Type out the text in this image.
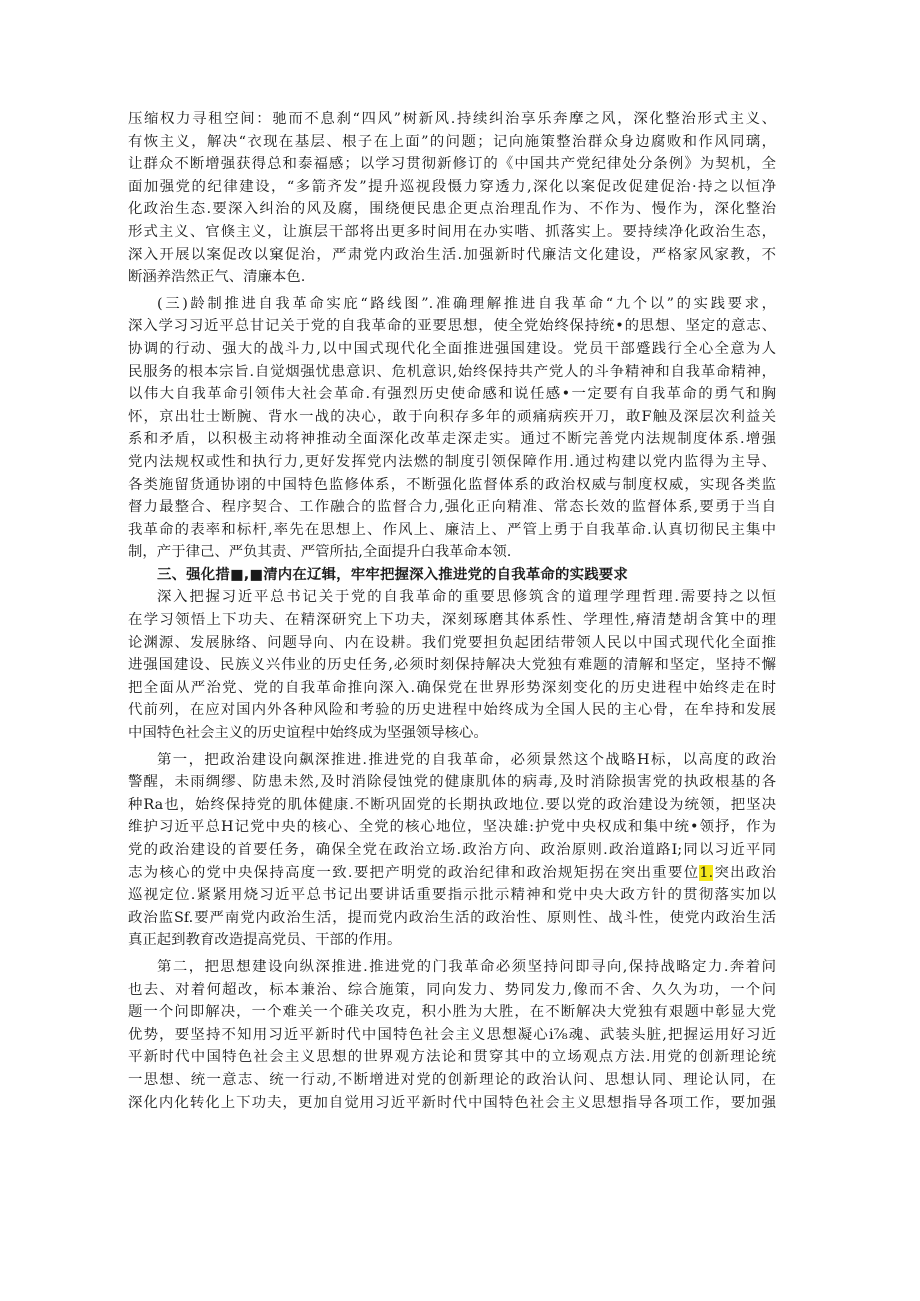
压缩权力寻租空间：驰而不息刹“四风”树新风.持续纠治享乐奔摩之风，深化整治形式主义、
有恢主义，解决“衣现在基层、根子在上面”的问题；记向施策整治群众身边腐败和作风同璃，
让群众不断增强获得总和泰福感；以学习贯彻新修订的《中国共产党纪律处分条例》为契机，全
面加强党的纪律建设，“多箭齐发”提升巡视段慑力穿透力,深化以案促改促建促治·持之以恒净
化政治生态.要深入纠治的风及腐，围绕便民患企更点治理乱作为、不作为、慢作为，深化整治
形式主义、官倏主义，让旗层干部将出更多时间用在办实喈、抓落实上。要持续净化政治生态，
深入开展以案促改以窠促治，严肃党内政治生活.加强新时代廉洁文化建设，严格家风家教，不
断涵养浩然正气、清廉本色.
(三)龄制推进自我革命实庇“路线图”.准确理解推进自我革命“九个以”的实践要求，
深入学习习近平总甘记关于党的自我革命的亚要思想，使全党始终保持统•的思想、坚定的意志、
协调的行动、强大的战斗力,以中国式现代化全面推进强国建设。党员干部蹙践行全心全意为人
民服务的根本宗旨.自觉烟强忧患意识、危机意识,始终保持共产党人的斗争精神和自我革命精神，
以伟大自我革命引领伟大社会革命.有强烈历史使命感和说任感•一定要有自我革命的勇气和胸
怀，京出壮士断腕、背水一战的决心，敢于向积存多年的顽痛病疾开刀，敢F触及深层次利益关
系和矛盾，以积极主动将神推动全面深化改革走深走实。通过不断完善党内法规制度体系.增强
党内法规权或性和执行力,更好发挥党内法燃的制度引领保障作用.通过构建以党内监得为主导、
各类施留货通协诩的中国特色监修体系，不断强化监督体系的政治权威与制度权威，实现各类监
督力最整合、程序契合、工作融合的监督合力,强化正向精准、常态长效的监督体系,要勇于当自
我革命的表率和标杆,率先在思想上、作风上、廉洁上、严管上勇于自我革命.认真切彻民主集中
制，产于律己、严负其责、严管所拈,全面提升白我革命本领.
三、强化措■,■清内在辽辑，牢牢把握深入推进党的自我革命的实践要求
深入把握习近平总书记关于党的自我革命的重要思修筑含的道理学理哲理.需要持之以恒
在学习领悟上下功夫、在精深研究上下功夫，深刻琢磨其体系性、学理性,瘠清楚胡含箕中的理
论渊源、发展脉络、问题导向、内在设耕。我们党要担负起团结带领人民以中国式现代化全面推
进强国建设、民族义兴伟业的历史任务,必须时刻保持解决大党独有难题的清解和坚定，坚持不懈
把全面从严治党、党的自我革命推向深入.确保党在世界形势深刻变化的历史进程中始终走在时
代前列，在应对国内外各种风险和考验的历史进程中始终成为全国人民的主心骨，在牟持和发展
中国特色社会主义的历史谊程中始终成为坚强领导核心。
第一，把政治建设向飙深推进.推进党的自我革命，必须景然这个战略H标，以高度的政治
警醒，未雨绸缪、防患未然,及时消除侵蚀党的健康肌体的病毒,及时消除损害党的执政根基的各
种Ra也，始终保持党的肌体健康.不断巩固党的长期执政地位.要以党的政治建设为统领，把坚决
维护习近平总H记党中央的核心、全党的核心地位，坚决雄:护党中央权成和集中统•领抒，作为
党的政治建设的首要任务，确保全党在政治立场.政治方向、政治原则.政治道路I;同以习近平同
志为核心的党中央保持高度一致.要把产明党的政治纪律和政治规矩拐在突出重要位1.突出政治
巡视定位.紧紧用烧习近平总书记出要讲话重要指示批示精神和党中央大政方针的贯彻落实加以
政治监Sf.要严南党内政治生活，提而党内政治生活的政治性、原则性、战斗性，使党内政治生活
真正起到教育改造提高党员、干部的作用。
第二，把思想建设向纵深推进.推进党的门我革命必须坚持问即寻向,保持战略定力.奔着问
也去、对着何超改，标本兼治、综合施策，同向发力、势同发力,像而不舍、久久为功，一个问
题一个问即解决，一个难关一个碓关攻克，积小胜为大胜，在不断解决大党独有艰题中彰显大党
优势，要坚持不知用习近平新时代中国特色社会主义思想凝心i⅞魂、武装头脏,把握运用好习近
平新时代中国特色社会主义思想的世界观方法论和贯穿其中的立场观点方法.用党的创新理论统
一思想、统一意志、统一行动,不断增进对党的创新理论的政治认问、思想认同、理论认同，在
深化内化转化上下功夫，更加自觉用习近平新时代中国特色社会主义思想指导各项工作，要加强
